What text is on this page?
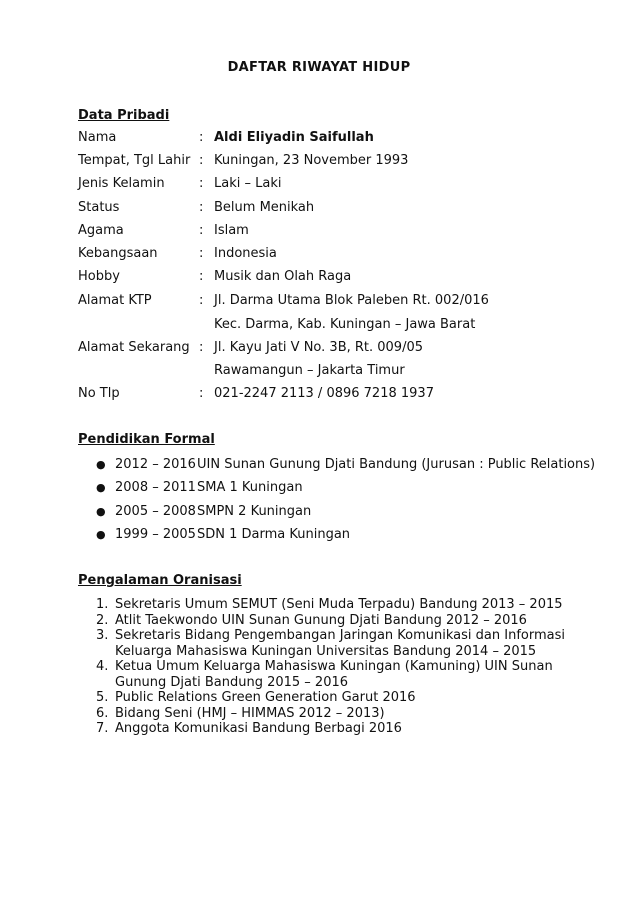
DAFTAR RIWAYAT HIDUP
Data Pribadi
Nama	: Aldi Eliyadin Saifullah
Tempat, Tgl Lahir : Kuningan, 23 November 1993
Jenis Kelamin	: Laki – Laki
Status	: Belum Menikah
Agama	: Islam
Kebangsaan	: Indonesia
Hobby	: Musik dan Olah Raga
Alamat KTP	: Jl. Darma Utama Blok Paleben Rt. 002/016
Kec. Darma, Kab. Kuningan – Jawa Barat
Alamat Sekarang : Jl. Kayu Jati V No. 3B, Rt. 009/05
Rawamangun – Jakarta Timur
No Tlp	: 021-2247 2113 / 0896 7218 1937
Pendidikan Formal
● 2012 – 2016 UIN Sunan Gunung Djati Bandung (Jurusan : Public Relations)
● 2008 – 2011 SMA 1 Kuningan
● 2005 – 2008 SMPN 2 Kuningan
● 1999 – 2005 SDN 1 Darma Kuningan
Pengalaman Oranisasi
1. Sekretaris Umum SEMUT (Seni Muda Terpadu) Bandung 2013 – 2015
2. Atlit Taekwondo UIN Sunan Gunung Djati Bandung 2012 – 2016
3. Sekretaris Bidang Pengembangan Jaringan Komunikasi dan Informasi Keluarga Mahasiswa Kuningan Universitas Bandung 2014 – 2015
4. Ketua Umum Keluarga Mahasiswa Kuningan (Kamuning) UIN Sunan Gunung Djati Bandung 2015 – 2016
5. Public Relations Green Generation Garut 2016
6. Bidang Seni (HMJ – HIMMAS 2012 – 2013)
7. Anggota Komunikasi Bandung Berbagi 2016
